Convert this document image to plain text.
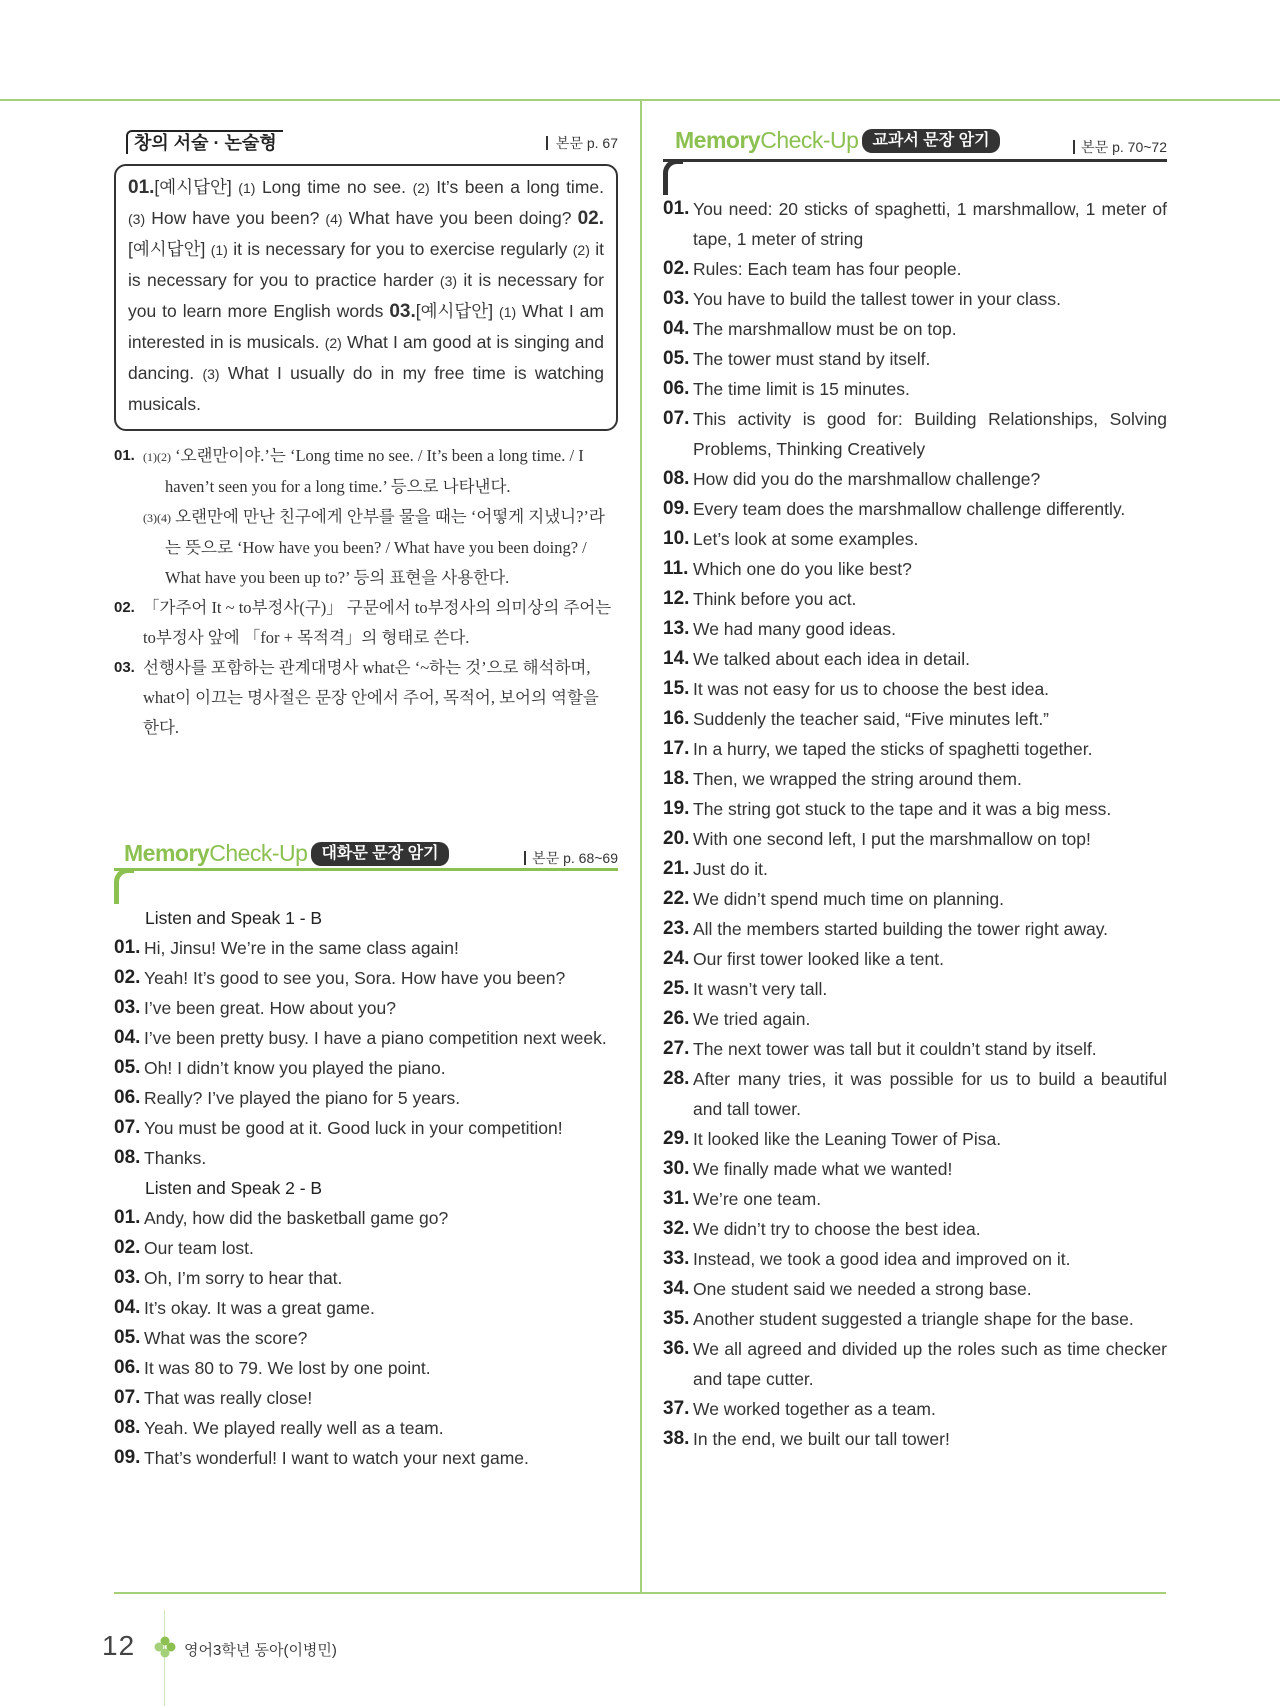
창의 서술 · 논술형	본문 p. 67
01.[예시답안] (1) Long time no see. (2) It’s been a long time. (3) How have you been? (4) What have you been doing? 02.[예시답안] (1) it is necessary for you to exercise regularly (2) it is necessary for you to practice harder (3) it is necessary for you to learn more English words 03.[예시답안] (1) What I am interested in is musicals. (2) What I am good at is singing and dancing. (3) What I usually do in my free time is watching musicals.
01. (1)(2) ‘오랜만이야.’는 ‘Long time no see. / It’s been a long time. / I haven’t seen you for a long time.’ 등으로 나타낸다.
(3)(4) 오랜만에 만난 친구에게 안부를 물을 때는 ‘어떻게 지냈니?’라는 뜻으로 ‘How have you been? / What have you been doing? / What have you been up to?’ 등의 표현을 사용한다.
02. 「가주어 It ~ to부정사(구)」 구문에서 to부정사의 의미상의 주어는 to부정사 앞에 「for + 목적격」의 형태로 쓴다.
03. 선행사를 포함하는 관계대명사 what은 ‘~하는 것’으로 해석하며, what이 이끄는 명사절은 문장 안에서 주어, 목적어, 보어의 역할을 한다.
MemoryCheck-Up 대화문 문장 암기	본문 p. 68~69
Listen and Speak 1 - B
01. Hi, Jinsu! We’re in the same class again!
02. Yeah! It’s good to see you, Sora. How have you been?
03. I’ve been great. How about you?
04. I’ve been pretty busy. I have a piano competition next week.
05. Oh! I didn’t know you played the piano.
06. Really? I’ve played the piano for 5 years.
07. You must be good at it. Good luck in your competition!
08. Thanks.
Listen and Speak 2 - B
01. Andy, how did the basketball game go?
02. Our team lost.
03. Oh, I’m sorry to hear that.
04. It’s okay. It was a great game.
05. What was the score?
06. It was 80 to 79. We lost by one point.
07. That was really close!
08. Yeah. We played really well as a team.
09. That’s wonderful! I want to watch your next game.
MemoryCheck-Up 교과서 문장 암기	본문 p. 70~72
01. You need: 20 sticks of spaghetti, 1 marshmallow, 1 meter of tape, 1 meter of string
02. Rules: Each team has four people.
03. You have to build the tallest tower in your class.
04. The marshmallow must be on top.
05. The tower must stand by itself.
06. The time limit is 15 minutes.
07. This activity is good for: Building Relationships, Solving Problems, Thinking Creatively
08. How did you do the marshmallow challenge?
09. Every team does the marshmallow challenge differently.
10. Let’s look at some examples.
11. Which one do you like best?
12. Think before you act.
13. We had many good ideas.
14. We talked about each idea in detail.
15. It was not easy for us to choose the best idea.
16. Suddenly the teacher said, “Five minutes left.”
17. In a hurry, we taped the sticks of spaghetti together.
18. Then, we wrapped the string around them.
19. The string got stuck to the tape and it was a big mess.
20. With one second left, I put the marshmallow on top!
21. Just do it.
22. We didn’t spend much time on planning.
23. All the members started building the tower right away.
24. Our first tower looked like a tent.
25. It wasn’t very tall.
26. We tried again.
27. The next tower was tall but it couldn’t stand by itself.
28. After many tries, it was possible for us to build a beautiful and tall tower.
29. It looked like the Leaning Tower of Pisa.
30. We finally made what we wanted!
31. We’re one team.
32. We didn’t try to choose the best idea.
33. Instead, we took a good idea and improved on it.
34. One student said we needed a strong base.
35. Another student suggested a triangle shape for the base.
36. We all agreed and divided up the roles such as time checker and tape cutter.
37. We worked together as a team.
38. In the end, we built our tall tower!
12	영어3학년 동아(이병민)
